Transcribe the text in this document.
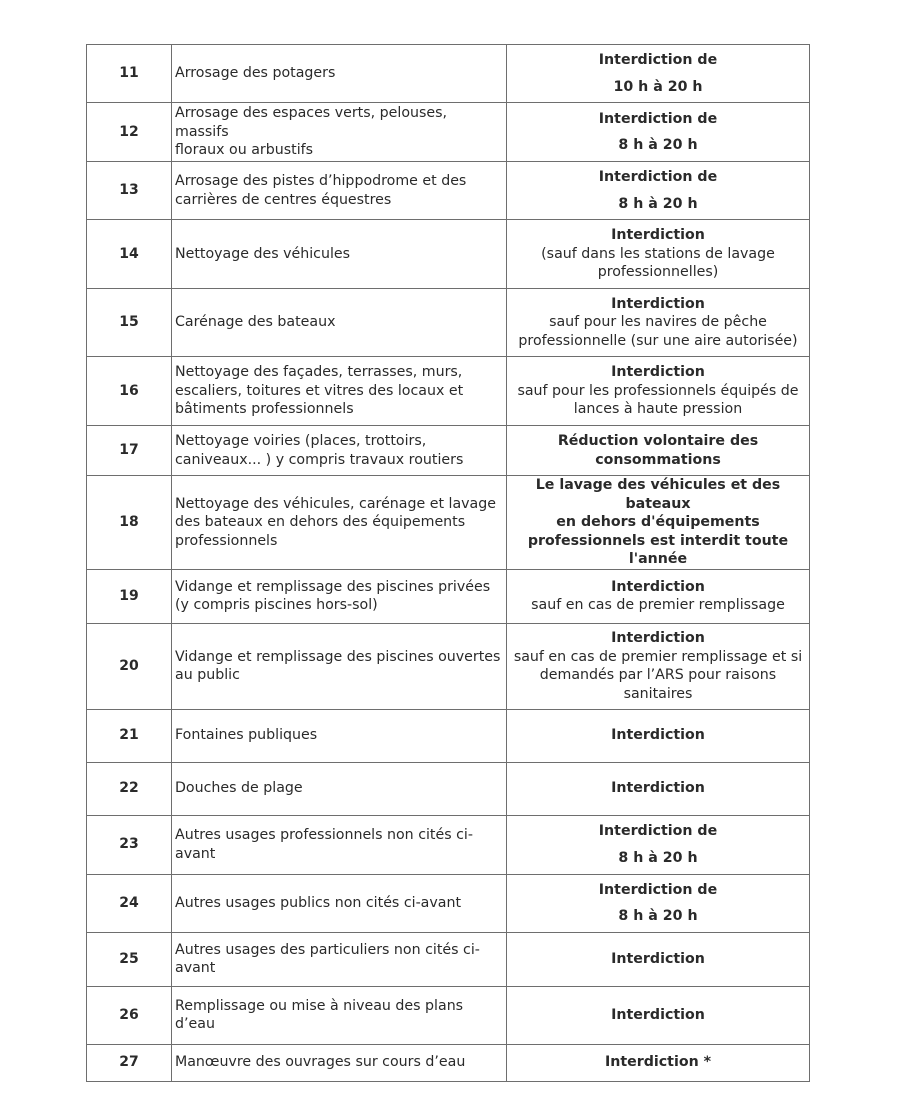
11	Arrosage des potagers	Interdiction de
10 h à 20 h

12	Arrosage des espaces verts, pelouses, massifs
floraux ou arbustifs	Interdiction de
8 h à 20 h

13	Arrosage des pistes d’hippodrome et des
carrières de centres équestres	Interdiction de
8 h à 20 h

14	Nettoyage des véhicules	Interdiction
(sauf dans les stations de lavage
professionnelles)

15	Carénage des bateaux	Interdiction
sauf pour les navires de pêche
professionnelle (sur une aire autorisée)

16	Nettoyage des façades, terrasses, murs,
escaliers, toitures et vitres des locaux et
bâtiments professionnels	Interdiction
sauf pour les professionnels équipés de
lances à haute pression

17	Nettoyage voiries (places, trottoirs,
caniveaux... ) y compris travaux routiers	Réduction volontaire des
consommations

18	Nettoyage des véhicules, carénage et lavage
des bateaux en dehors des équipements
professionnels	Le lavage des véhicules et des bateaux
en dehors d'équipements
professionnels est interdit toute l'année

19	Vidange et remplissage des piscines privées
(y compris piscines hors-sol)	Interdiction
sauf en cas de premier remplissage

20	Vidange et remplissage des piscines ouvertes
au public	Interdiction
sauf en cas de premier remplissage et si
demandés par l’ARS pour raisons
sanitaires

21	Fontaines publiques	Interdiction

22	Douches de plage	Interdiction

23	Autres usages professionnels non cités ci-
avant	Interdiction de
8 h à 20 h

24	Autres usages publics non cités ci-avant	Interdiction de
8 h à 20 h

25	Autres usages des particuliers non cités ci-
avant	Interdiction

26	Remplissage ou mise à niveau des plans d’eau	Interdiction

27	Manœuvre des ouvrages sur cours d’eau	Interdiction *
